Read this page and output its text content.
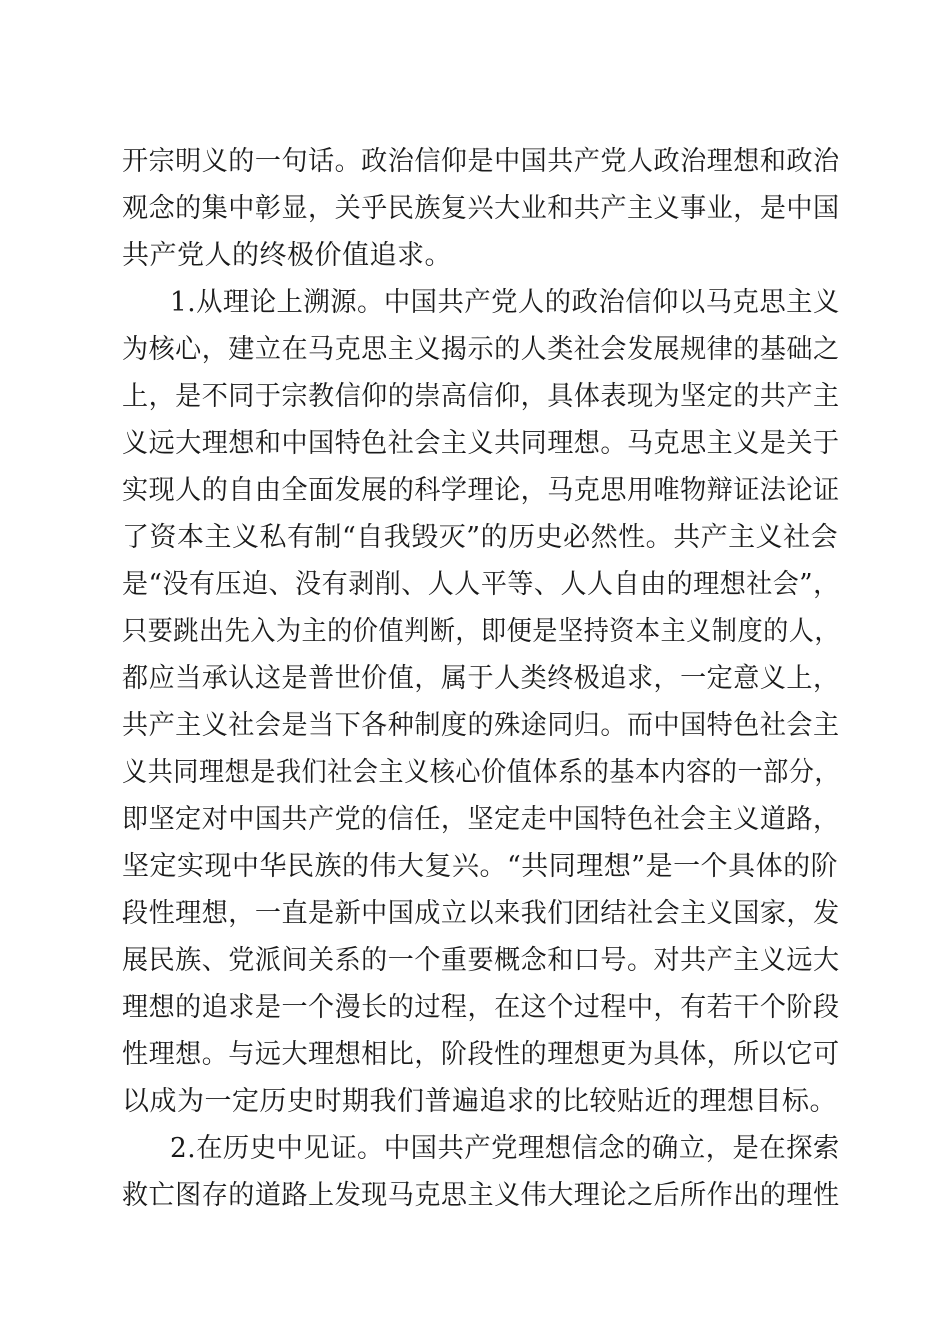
开宗明义的一句话。政治信仰是中国共产党人政治理想和政治
观念的集中彰显，关乎民族复兴大业和共产主义事业，是中国
共产党人的终极价值追求。
1.从理论上溯源。中国共产党人的政治信仰以马克思主义
为核心，建立在马克思主义揭示的人类社会发展规律的基础之
上，是不同于宗教信仰的崇高信仰，具体表现为坚定的共产主
义远大理想和中国特色社会主义共同理想。马克思主义是关于
实现人的自由全面发展的科学理论，马克思用唯物辩证法论证
了资本主义私有制“自我毁灭”的历史必然性。共产主义社会
是“没有压迫、没有剥削、人人平等、人人自由的理想社会”，
只要跳出先入为主的价值判断，即便是坚持资本主义制度的人，
都应当承认这是普世价值，属于人类终极追求，一定意义上，
共产主义社会是当下各种制度的殊途同归。而中国特色社会主
义共同理想是我们社会主义核心价值体系的基本内容的一部分，
即坚定对中国共产党的信任，坚定走中国特色社会主义道路，
坚定实现中华民族的伟大复兴。“共同理想”是一个具体的阶
段性理想，一直是新中国成立以来我们团结社会主义国家，发
展民族、党派间关系的一个重要概念和口号。对共产主义远大
理想的追求是一个漫长的过程，在这个过程中，有若干个阶段
性理想。与远大理想相比，阶段性的理想更为具体，所以它可
以成为一定历史时期我们普遍追求的比较贴近的理想目标。
2.在历史中见证。中国共产党理想信念的确立，是在探索
救亡图存的道路上发现马克思主义伟大理论之后所作出的理性
